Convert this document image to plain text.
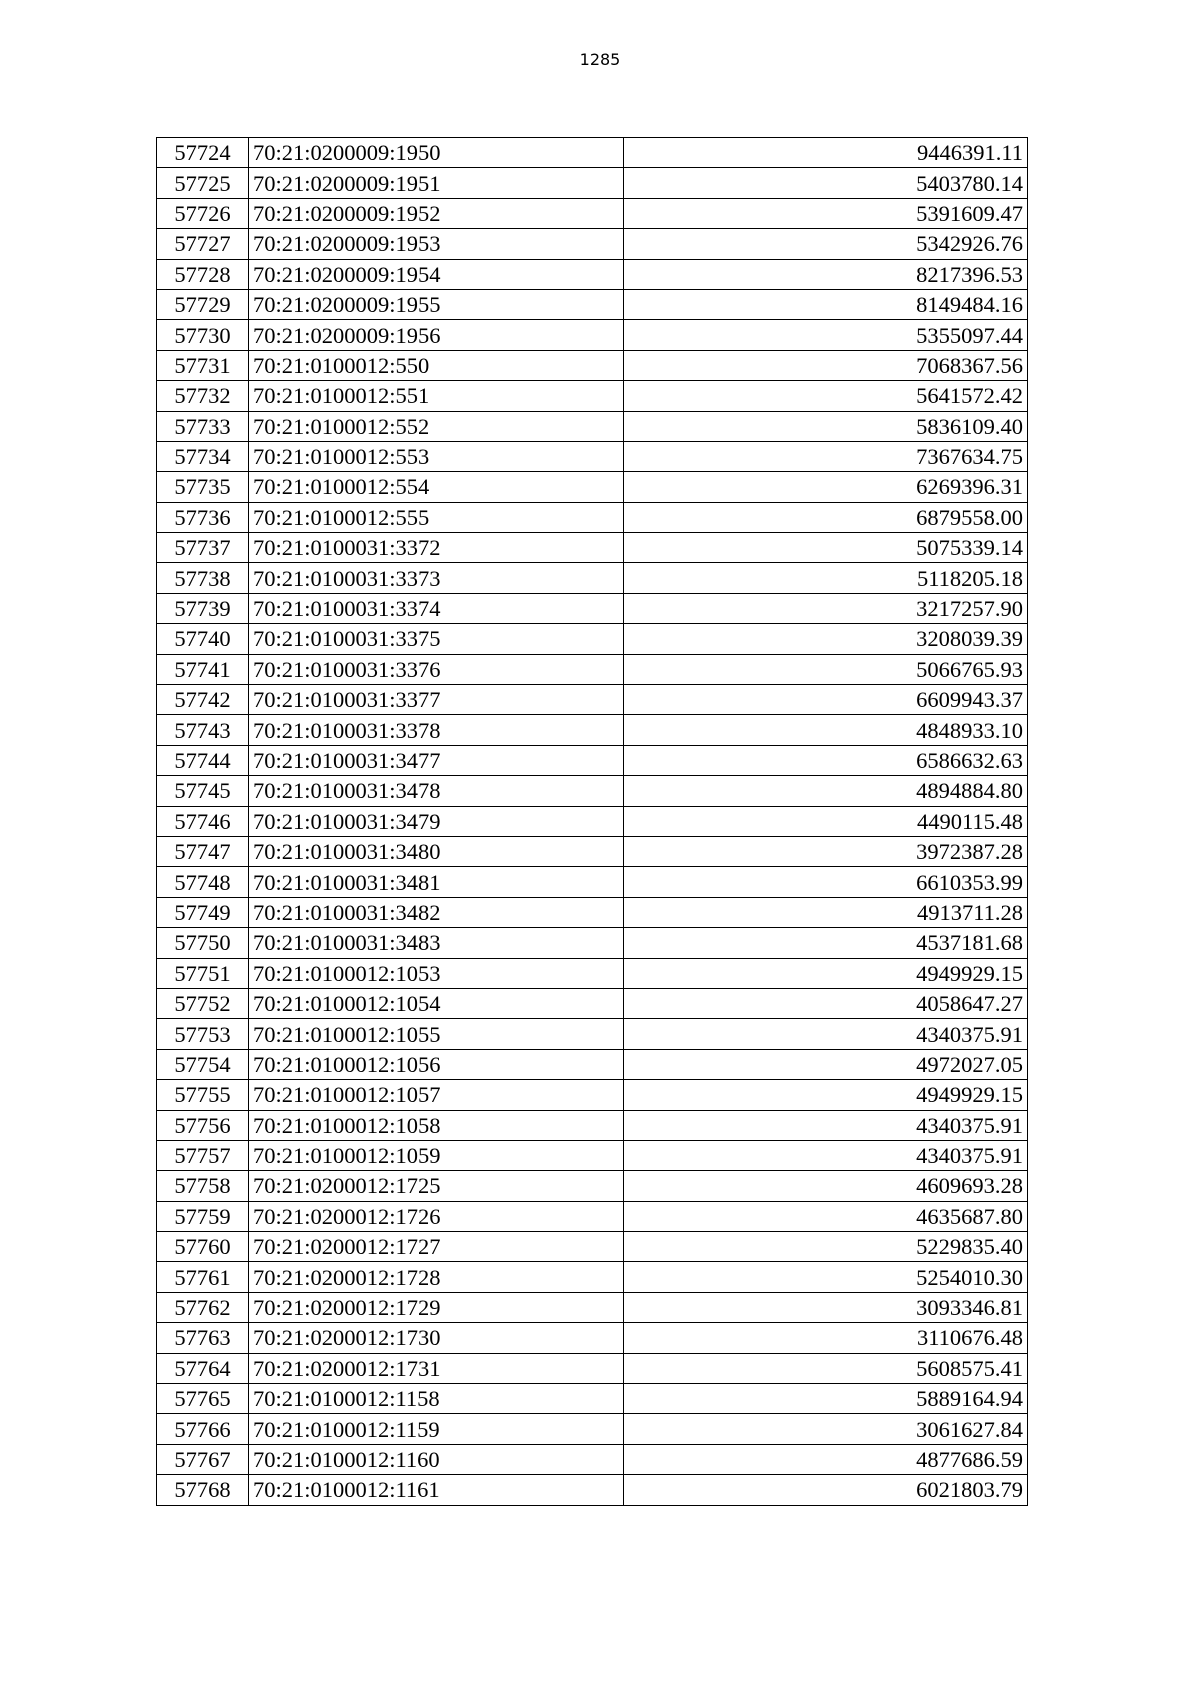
1285
57724	70:21:0200009:1950	9446391.11
57725	70:21:0200009:1951	5403780.14
57726	70:21:0200009:1952	5391609.47
57727	70:21:0200009:1953	5342926.76
57728	70:21:0200009:1954	8217396.53
57729	70:21:0200009:1955	8149484.16
57730	70:21:0200009:1956	5355097.44
57731	70:21:0100012:550	7068367.56
57732	70:21:0100012:551	5641572.42
57733	70:21:0100012:552	5836109.40
57734	70:21:0100012:553	7367634.75
57735	70:21:0100012:554	6269396.31
57736	70:21:0100012:555	6879558.00
57737	70:21:0100031:3372	5075339.14
57738	70:21:0100031:3373	5118205.18
57739	70:21:0100031:3374	3217257.90
57740	70:21:0100031:3375	3208039.39
57741	70:21:0100031:3376	5066765.93
57742	70:21:0100031:3377	6609943.37
57743	70:21:0100031:3378	4848933.10
57744	70:21:0100031:3477	6586632.63
57745	70:21:0100031:3478	4894884.80
57746	70:21:0100031:3479	4490115.48
57747	70:21:0100031:3480	3972387.28
57748	70:21:0100031:3481	6610353.99
57749	70:21:0100031:3482	4913711.28
57750	70:21:0100031:3483	4537181.68
57751	70:21:0100012:1053	4949929.15
57752	70:21:0100012:1054	4058647.27
57753	70:21:0100012:1055	4340375.91
57754	70:21:0100012:1056	4972027.05
57755	70:21:0100012:1057	4949929.15
57756	70:21:0100012:1058	4340375.91
57757	70:21:0100012:1059	4340375.91
57758	70:21:0200012:1725	4609693.28
57759	70:21:0200012:1726	4635687.80
57760	70:21:0200012:1727	5229835.40
57761	70:21:0200012:1728	5254010.30
57762	70:21:0200012:1729	3093346.81
57763	70:21:0200012:1730	3110676.48
57764	70:21:0200012:1731	5608575.41
57765	70:21:0100012:1158	5889164.94
57766	70:21:0100012:1159	3061627.84
57767	70:21:0100012:1160	4877686.59
57768	70:21:0100012:1161	6021803.79
